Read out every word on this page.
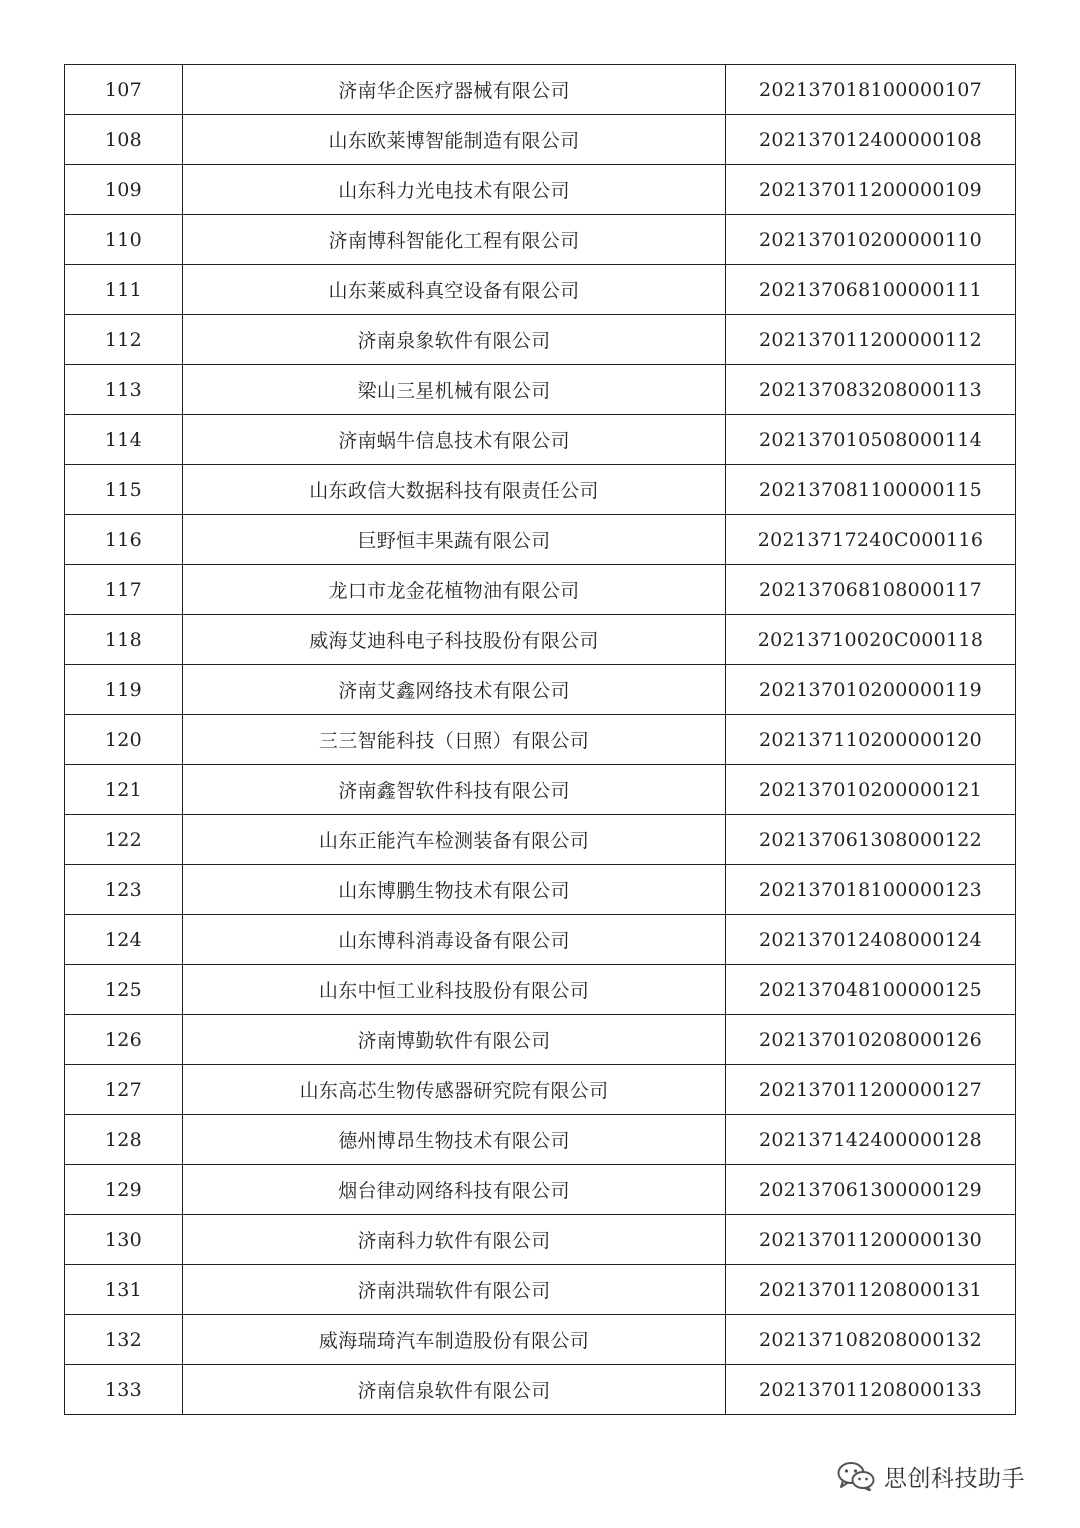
107	济南华企医疗器械有限公司	202137018100000107
108	山东欧莱博智能制造有限公司	202137012400000108
109	山东科力光电技术有限公司	202137011200000109
110	济南博科智能化工程有限公司	202137010200000110
111	山东莱威科真空设备有限公司	202137068100000111
112	济南泉象软件有限公司	202137011200000112
113	梁山三星机械有限公司	202137083208000113
114	济南蜗牛信息技术有限公司	202137010508000114
115	山东政信大数据科技有限责任公司	202137081100000115
116	巨野恒丰果蔬有限公司	20213717240C000116
117	龙口市龙金花植物油有限公司	202137068108000117
118	威海艾迪科电子科技股份有限公司	20213710020C000118
119	济南艾鑫网络技术有限公司	202137010200000119
120	三三智能科技（日照）有限公司	202137110200000120
121	济南鑫智软件科技有限公司	202137010200000121
122	山东正能汽车检测装备有限公司	202137061308000122
123	山东博鹏生物技术有限公司	202137018100000123
124	山东博科消毒设备有限公司	202137012408000124
125	山东中恒工业科技股份有限公司	202137048100000125
126	济南博勤软件有限公司	202137010208000126
127	山东高芯生物传感器研究院有限公司	202137011200000127
128	德州博昂生物技术有限公司	202137142400000128
129	烟台律动网络科技有限公司	202137061300000129
130	济南科力软件有限公司	202137011200000130
131	济南洪瑞软件有限公司	202137011208000131
132	威海瑞琦汽车制造股份有限公司	202137108208000132
133	济南信泉软件有限公司	202137011208000133
思创科技助手
